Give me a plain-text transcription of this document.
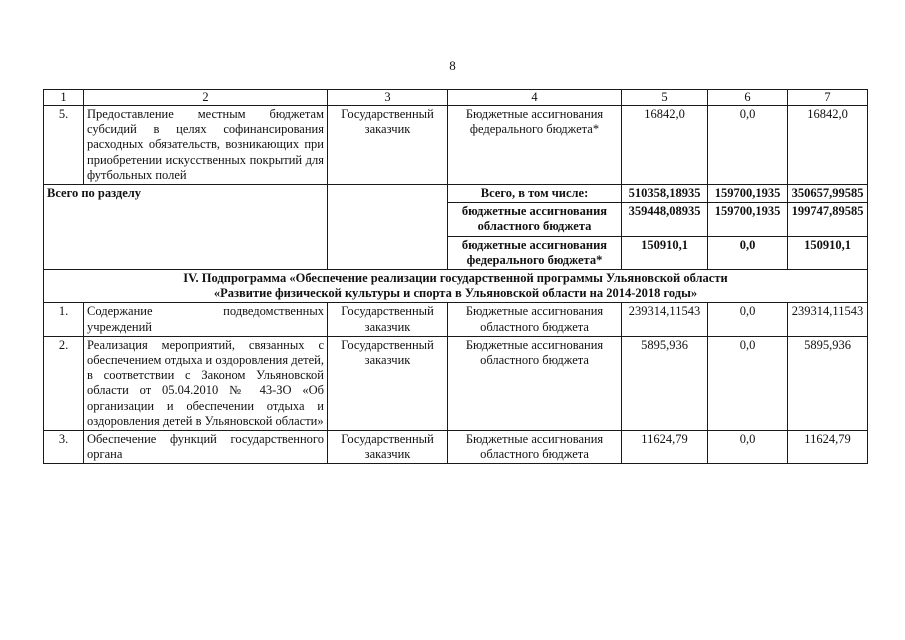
8
1	2	3	4	5	6	7
5.	Предоставление местным бюджетам субсидий в целях софинансирования расходных обязательств, возникающих при приобретении искусственных покрытий для футбольных полей	Государственный заказчик	Бюджетные ассигнования федерального бюджета*	16842,0	0,0	16842,0
Всего по разделу			Всего, в том числе:	510358,18935	159700,1935	350657,99585
			бюджетные ассигнования областного бюджета	359448,08935	159700,1935	199747,89585
			бюджетные ассигнования федерального бюджета*	150910,1	0,0	150910,1

IV. Подпрограмма «Обеспечение реализации государственной программы Ульяновской области
«Развитие физической культуры и спорта в Ульяновской области на 2014-2018 годы»						

1.	Содержание подведомственных учреждений	Государственный заказчик	Бюджетные ассигнования областного бюджета	239314,11543	0,0	239314,11543
2.	Реализация мероприятий, связанных с обеспечением отдыха и оздоровления детей, в соответствии с Законом Ульяновской области от 05.04.2010 № 43-ЗО «Об организации и обеспечении отдыха и оздоровления детей в Ульяновской области»	Государственный заказчик	Бюджетные ассигнования областного бюджета	5895,936	0,0	5895,936
3.	Обеспечение функций государственного органа	Государственный заказчик	Бюджетные ассигнования областного бюджета	11624,79	0,0	11624,79
